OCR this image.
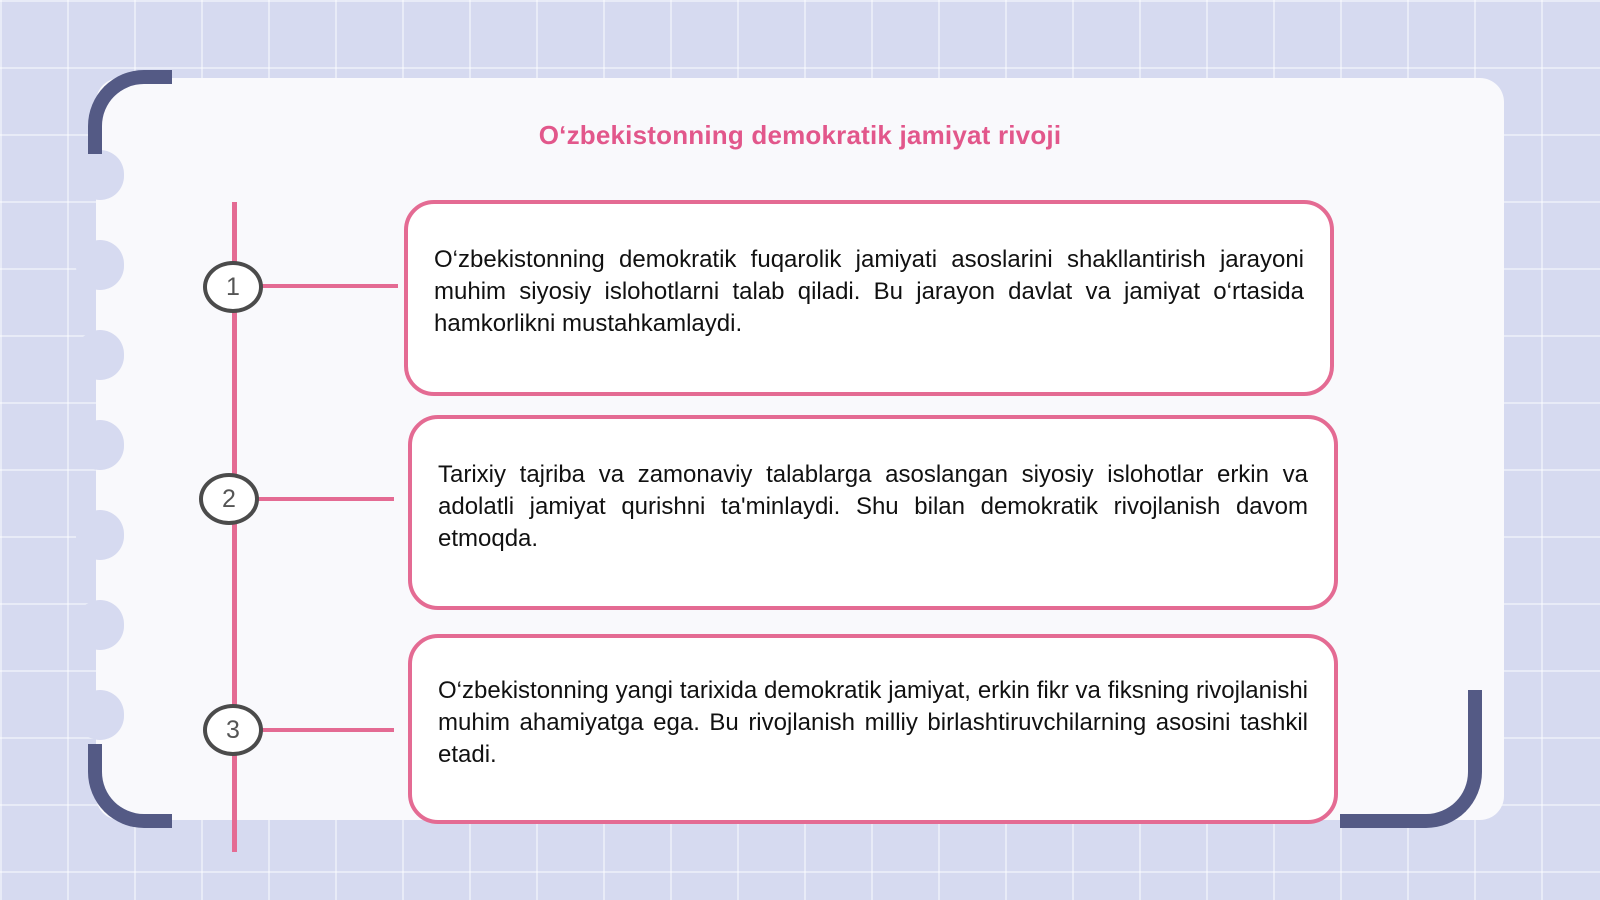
Oʻzbekistonning demokratik jamiyat rivoji
1
2
3

O‘zbekistonning demokratik fuqarolik jamiyati asoslarini shakllantirish jarayoni muhim siyosiy islohotlarni talab qiladi. Bu jarayon davlat va jamiyat o‘rtasida hamkorlikni mustahkamlaydi.

Tarixiy tajriba va zamonaviy talablarga asoslangan siyosiy islohotlar erkin va adolatli jamiyat qurishni ta'minlaydi. Shu bilan demokratik rivojlanish davom etmoqda.

O‘zbekistonning yangi tarixida demokratik jamiyat, erkin fikr va fiksning rivojlanishi muhim ahamiyatga ega. Bu rivojlanish milliy birlashtiruvchilarning asosini tashkil etadi.
